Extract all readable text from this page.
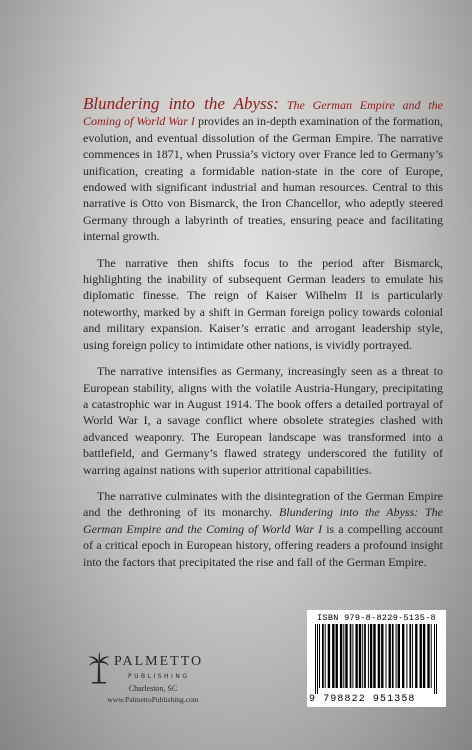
Blundering into the Abyss: The German Empire and the Coming of World War I provides an in-depth examination of the formation, evolution, and eventual dissolution of the German Empire. The narrative commences in 1871, when Prussia’s victory over France led to Germany’s unification, creating a formidable nation-state in the core of Europe, endowed with significant industrial and human resources. Central to this narrative is Otto von Bismarck, the Iron Chancellor, who adeptly steered Germany through a labyrinth of treaties, ensuring peace and facilitating internal growth.

The narrative then shifts focus to the period after Bismarck, highlighting the inability of subsequent German leaders to emulate his diplomatic finesse. The reign of Kaiser Wilhelm II is particularly noteworthy, marked by a shift in German foreign policy towards colonial and military expansion. Kaiser’s erratic and arrogant leadership style, using foreign policy to intimidate other nations, is vividly portrayed.

The narrative intensifies as Germany, increasingly seen as a threat to European stability, aligns with the volatile Austria-Hungary, precipitating a catastrophic war in August 1914. The book offers a detailed portrayal of World War I, a savage conflict where obsolete strategies clashed with advanced weaponry. The European landscape was transformed into a battlefield, and Germany’s flawed strategy underscored the futility of warring against nations with superior attritional capabilities.

The narrative culminates with the disintegration of the German Empire and the dethroning of its monarchy. Blundering into the Abyss: The German Empire and the Coming of World War I is a compelling account of a critical epoch in European history, offering readers a profound insight into the factors that precipitated the rise and fall of the German Empire.

PALMETTO
PUBLISHING
Charleston, SC
www.PalmettoPublishing.com
ISBN 979-8-8229-5135-8
9 798822 951358
